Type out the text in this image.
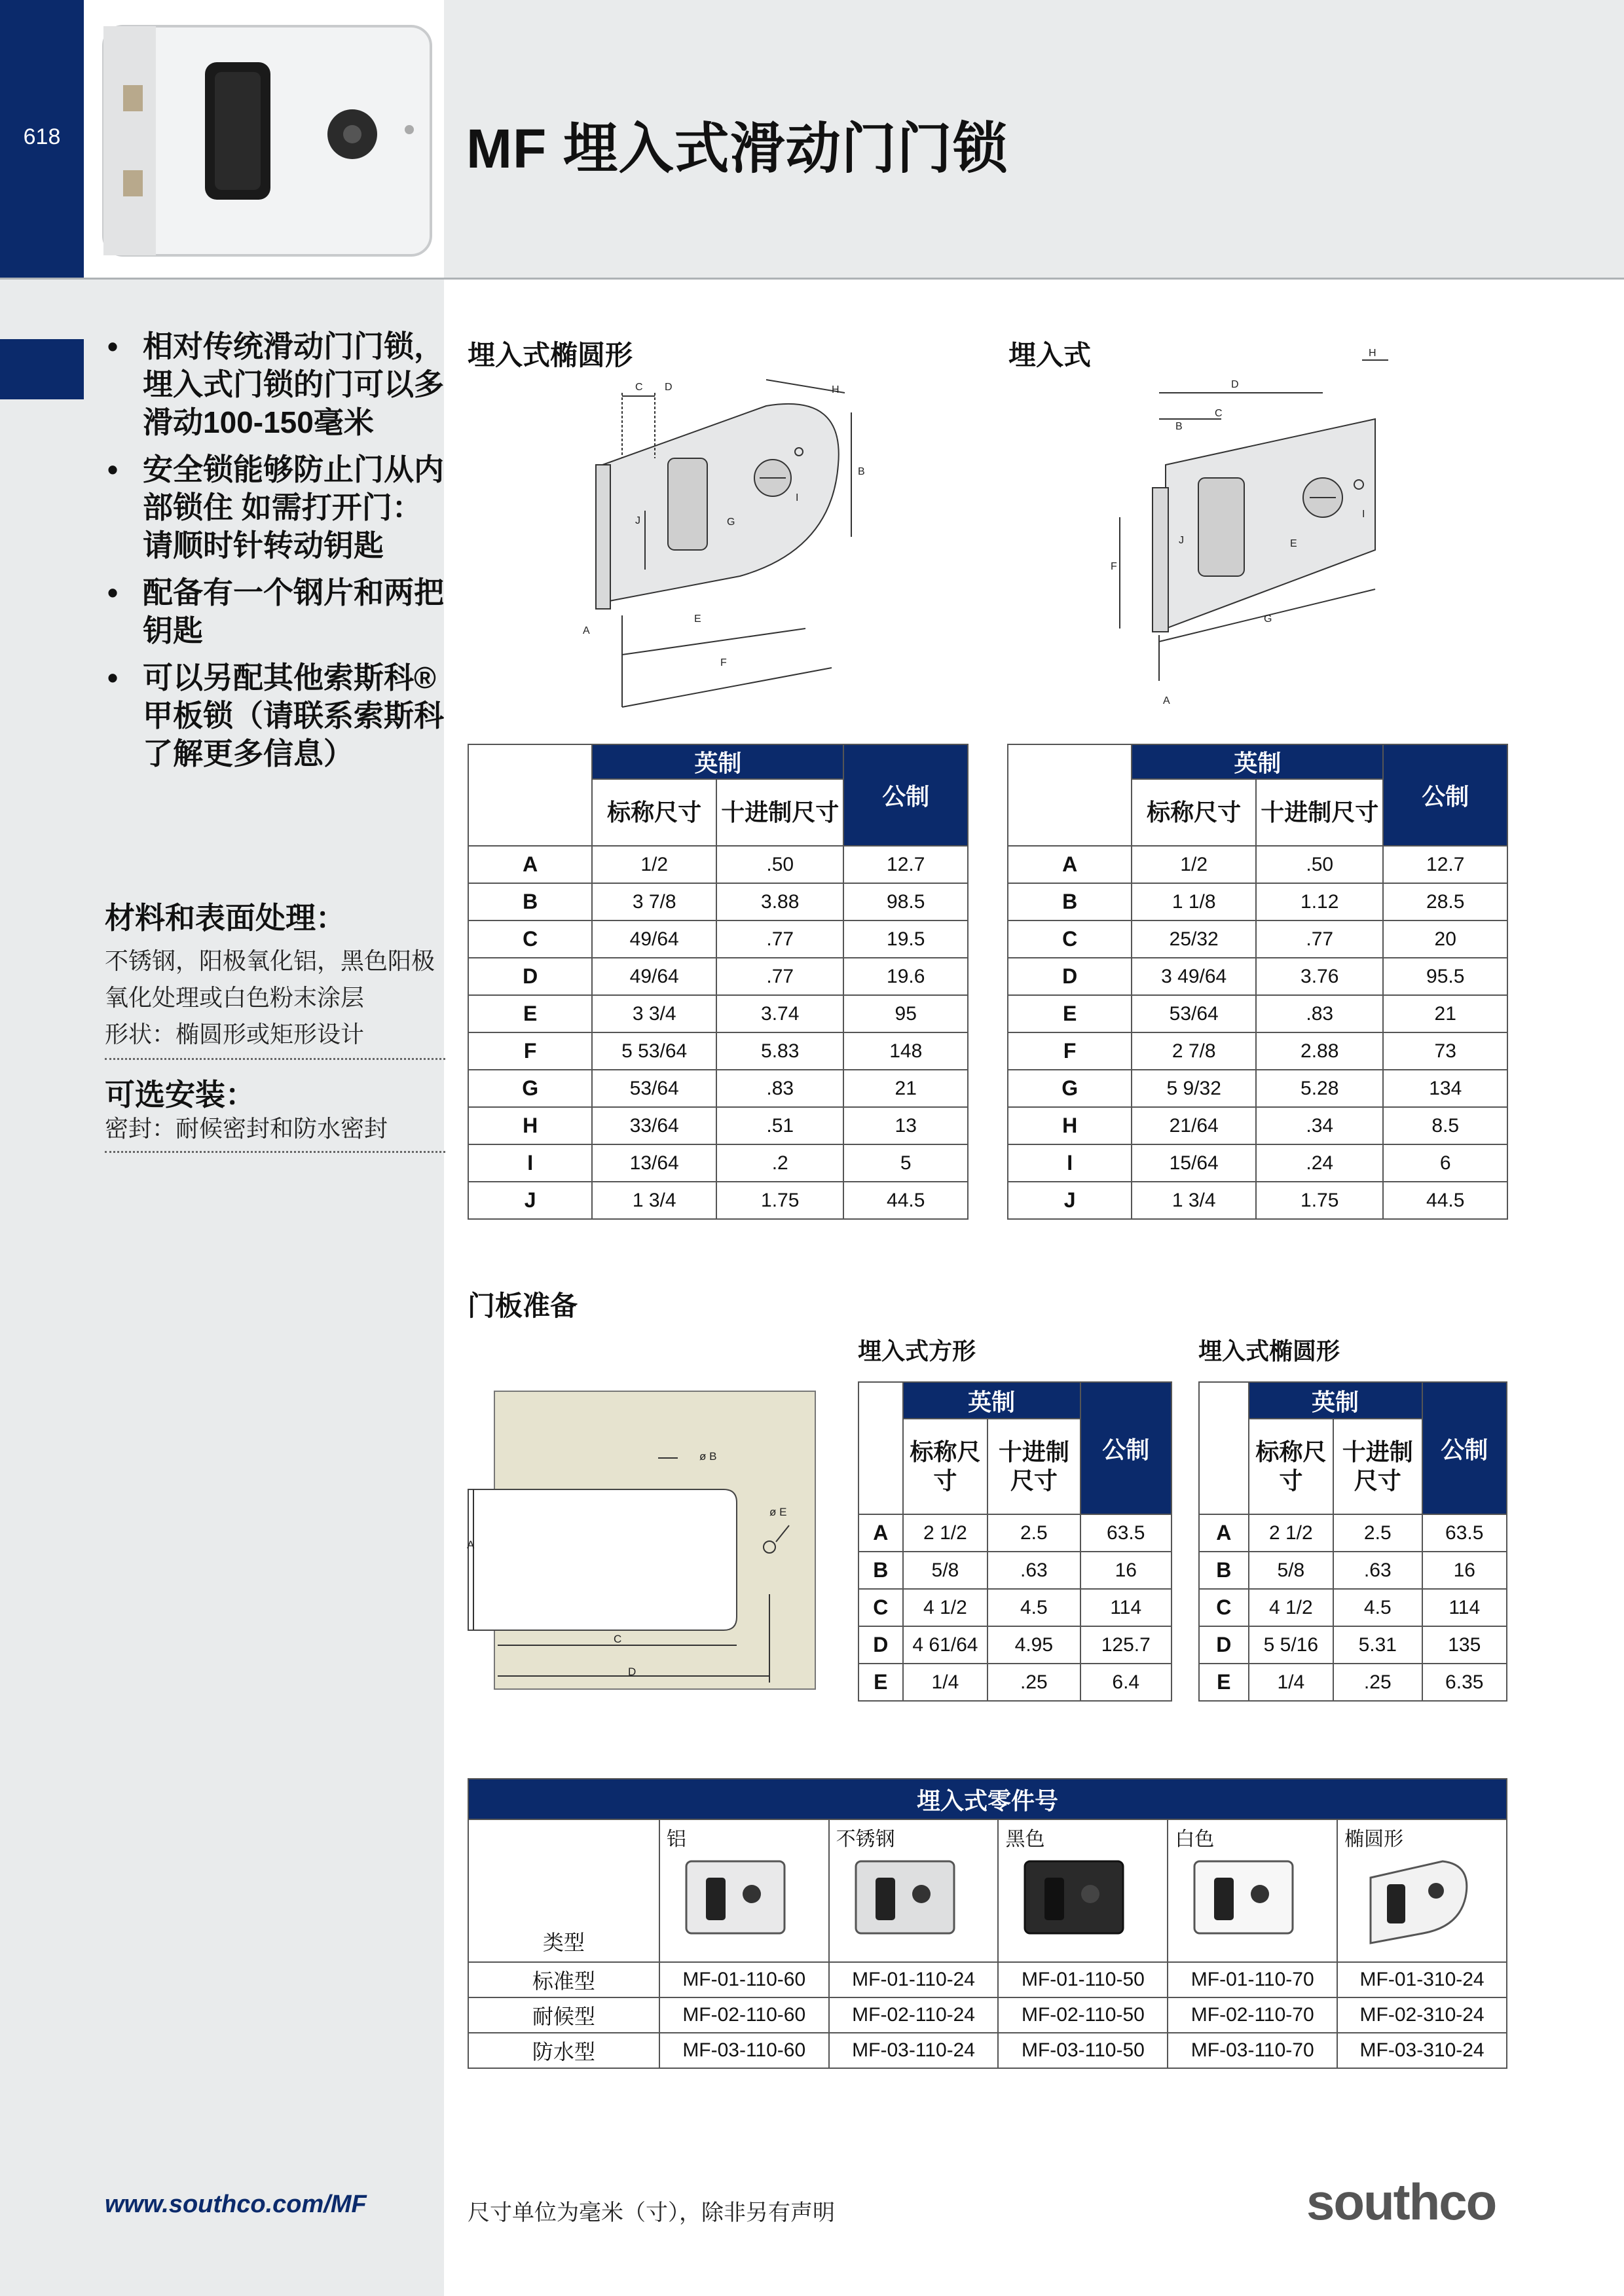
618	MF 埋入式滑动门门锁
• 相对传统滑动门门锁，埋入式门锁的门可以多滑动100-150毫米
• 安全锁能够防止门从内部锁住 如需打开门：请顺时针转动钥匙
• 配备有一个钢片和两把钥匙
• 可以另配其他索斯科®甲板锁（请联系索斯科了解更多信息）
材料和表面处理：
不锈钢，阳极氧化铝，黑色阳极
氧化处理或白色粉末涂层
形状：椭圆形或矩形设计
可选安装：
密封：耐候密封和防水密封
埋入式椭圆形
C D	H
B
J	G
I
E
F
A
埋入式
D
B
C
H
F
J	E
I
G
A
	英制		公制
	标称尺寸	十进制尺寸	
A	1/2	.50	12.7
B	3 7/8	3.88	98.5
C	49/64	.77	19.5
D	49/64	.77	19.6
E	3 3/4	3.74	95
F	5 53/64	5.83	148
G	53/64	.83	21
H	33/64	.51	13
I	13/64	.2	5
J	1 3/4	1.75	44.5
	英制		公制
	标称尺寸	十进制尺寸	
A	1/2	.50	12.7
B	1 1/8	1.12	28.5
C	25/32	.77	20
D	3 49/64	3.76	95.5
E	53/64	.83	21
F	2 7/8	2.88	73
G	5 9/32	5.28	134
H	21/64	.34	8.5
I	15/64	.24	6
J	1 3/4	1.75	44.5
门板准备
埋入式方形	埋入式椭圆形
ø B
ø E
A
C
D
	英制		公制
	标称尺寸	十进制尺寸	
A	2 1/2	2.5	63.5
B	5/8	.63	16
C	4 1/2	4.5	114
D	4 61/64	4.95	125.7
E	1/4	.25	6.4
	英制		公制
	标称尺寸	十进制尺寸	
A	2 1/2	2.5	63.5
B	5/8	.63	16
C	4 1/2	4.5	114
D	5 5/16	5.31	135
E	1/4	.25	6.35
埋入式零件号					
类型	铝	不锈钢	黑色	白色	椭圆形

标准型	MF-01-110-60	MF-01-110-24	MF-01-110-50	MF-01-110-70	MF-01-310-24
耐候型	MF-02-110-60	MF-02-110-24	MF-02-110-50	MF-02-110-70	MF-02-310-24
防水型	MF-03-110-60	MF-03-110-24	MF-03-110-50	MF-03-110-70	MF-03-310-24
www.southco.com/MF	尺寸单位为毫米（寸），除非另有声明	southco
